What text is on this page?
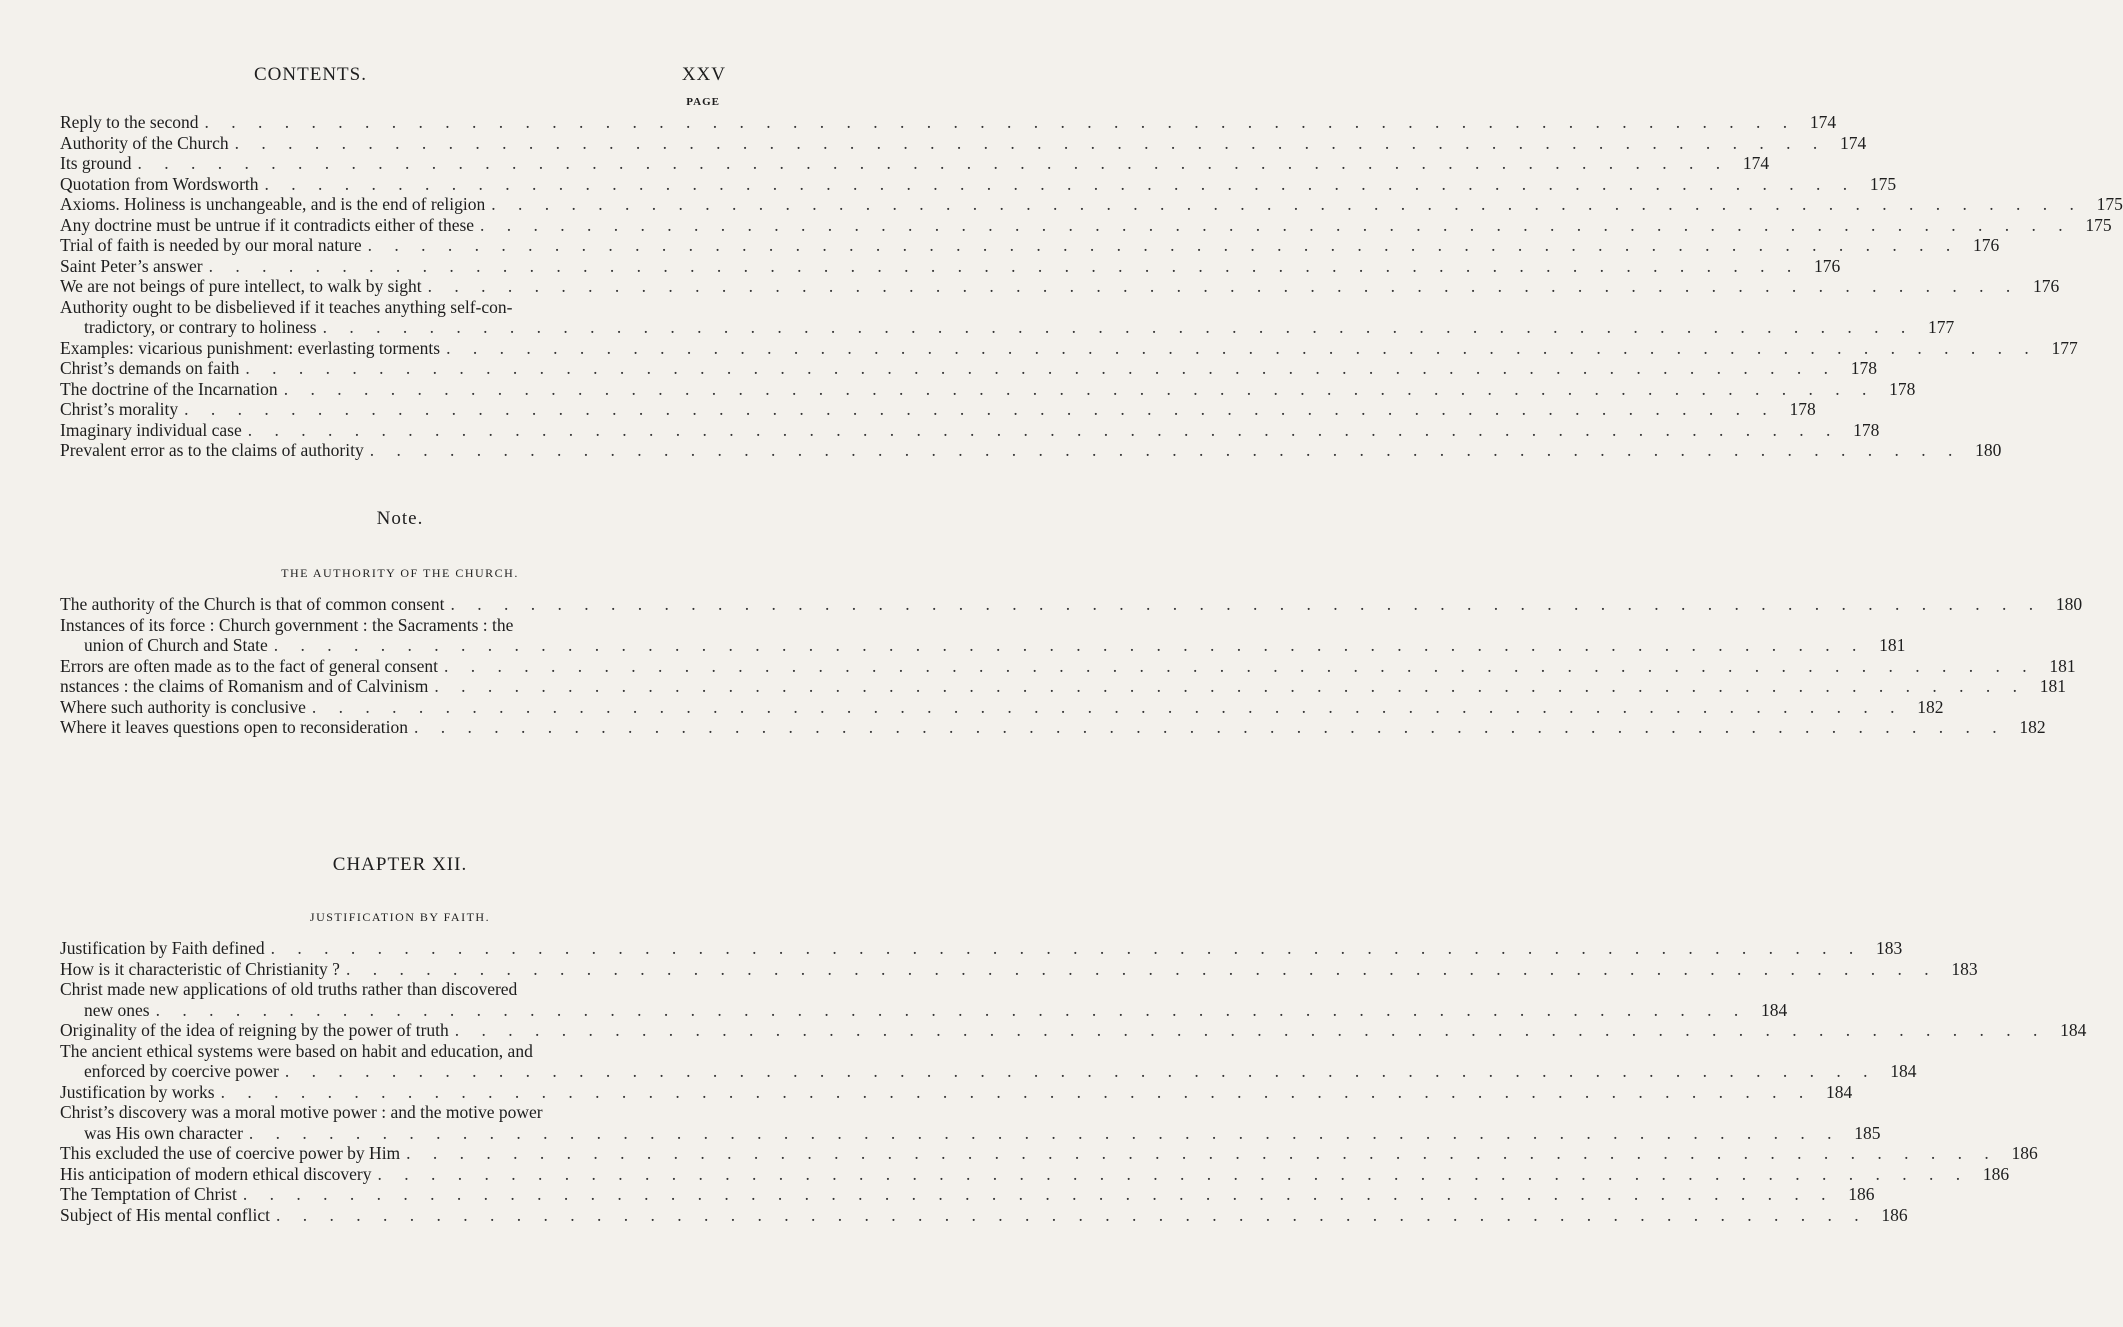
CONTENTS.	XXV
PAGE
Reply to the second . . . . . . . . . . . . . . . . . . . . . . . . . . . . . . . . . . . . . . . . . . . . . . . . . . . . . . . . . . . . 174
Authority of the Church . . . . . . . . . . . . . . . . . . . . . . . . . . . . . . . . . . . . . . . . . . . . . . . . . . . . . . . . . . . . 174
Its ground . . . . . . . . . . . . . . . . . . . . . . . . . . . . . . . . . . . . . . . . . . . . . . . . . . . . . . . . . . . . 174
Quotation from Wordsworth . . . . . . . . . . . . . . . . . . . . . . . . . . . . . . . . . . . . . . . . . . . . . . . . . . . . . . . . . . . . 175
Axioms. Holiness is unchangeable, and is the end of religion . . . . . . . . . . . . . . . . . . . . . . . . . . . . . . . . . . . . . . . . . . . . . . . . . . . . . . . . . . . . 175
Any doctrine must be untrue if it contradicts either of these . . . . . . . . . . . . . . . . . . . . . . . . . . . . . . . . . . . . . . . . . . . . . . . . . . . . . . . . . . . . 175
Trial of faith is needed by our moral nature . . . . . . . . . . . . . . . . . . . . . . . . . . . . . . . . . . . . . . . . . . . . . . . . . . . . . . . . . . . . 176
Saint Peter’s answer . . . . . . . . . . . . . . . . . . . . . . . . . . . . . . . . . . . . . . . . . . . . . . . . . . . . . . . . . . . . 176
We are not beings of pure intellect, to walk by sight . . . . . . . . . . . . . . . . . . . . . . . . . . . . . . . . . . . . . . . . . . . . . . . . . . . . . . . . . . . . 176
Authority ought to be disbelieved if it teaches anything self-con-
tradictory, or contrary to holiness . . . . . . . . . . . . . . . . . . . . . . . . . . . . . . . . . . . . . . . . . . . . . . . . . . . . . . . . . . . . 177
Examples: vicarious punishment: everlasting torments . . . . . . . . . . . . . . . . . . . . . . . . . . . . . . . . . . . . . . . . . . . . . . . . . . . . . . . . . . . . 177
Christ’s demands on faith . . . . . . . . . . . . . . . . . . . . . . . . . . . . . . . . . . . . . . . . . . . . . . . . . . . . . . . . . . . . 178
The doctrine of the Incarnation . . . . . . . . . . . . . . . . . . . . . . . . . . . . . . . . . . . . . . . . . . . . . . . . . . . . . . . . . . . . 178
Christ’s morality . . . . . . . . . . . . . . . . . . . . . . . . . . . . . . . . . . . . . . . . . . . . . . . . . . . . . . . . . . . . 178
Imaginary individual case . . . . . . . . . . . . . . . . . . . . . . . . . . . . . . . . . . . . . . . . . . . . . . . . . . . . . . . . . . . . 178
Prevalent error as to the claims of authority . . . . . . . . . . . . . . . . . . . . . . . . . . . . . . . . . . . . . . . . . . . . . . . . . . . . . . . . . . . . 180
Note.
THE AUTHORITY OF THE CHURCH.
The authority of the Church is that of common consent . . . . . . . . . . . . . . . . . . . . . . . . . . . . . . . . . . . . . . . . . . . . . . . . . . . . . . . . . . . . 180
Instances of its force : Church government : the Sacraments : the
union of Church and State . . . . . . . . . . . . . . . . . . . . . . . . . . . . . . . . . . . . . . . . . . . . . . . . . . . . . . . . . . . . 181
Errors are often made as to the fact of general consent . . . . . . . . . . . . . . . . . . . . . . . . . . . . . . . . . . . . . . . . . . . . . . . . . . . . . . . . . . . . 181
nstances : the claims of Romanism and of Calvinism . . . . . . . . . . . . . . . . . . . . . . . . . . . . . . . . . . . . . . . . . . . . . . . . . . . . . . . . . . . . 181
Where such authority is conclusive . . . . . . . . . . . . . . . . . . . . . . . . . . . . . . . . . . . . . . . . . . . . . . . . . . . . . . . . . . . . 182
Where it leaves questions open to reconsideration . . . . . . . . . . . . . . . . . . . . . . . . . . . . . . . . . . . . . . . . . . . . . . . . . . . . . . . . . . . . 182
CHAPTER XII.
JUSTIFICATION BY FAITH.
Justification by Faith defined . . . . . . . . . . . . . . . . . . . . . . . . . . . . . . . . . . . . . . . . . . . . . . . . . . . . . . . . . . . . 183
How is it characteristic of Christianity ? . . . . . . . . . . . . . . . . . . . . . . . . . . . . . . . . . . . . . . . . . . . . . . . . . . . . . . . . . . . . 183
Christ made new applications of old truths rather than discovered
new ones . . . . . . . . . . . . . . . . . . . . . . . . . . . . . . . . . . . . . . . . . . . . . . . . . . . . . . . . . . . . 184
Originality of the idea of reigning by the power of truth . . . . . . . . . . . . . . . . . . . . . . . . . . . . . . . . . . . . . . . . . . . . . . . . . . . . . . . . . . . . 184
The ancient ethical systems were based on habit and education, and
enforced by coercive power . . . . . . . . . . . . . . . . . . . . . . . . . . . . . . . . . . . . . . . . . . . . . . . . . . . . . . . . . . . . 184
Justification by works . . . . . . . . . . . . . . . . . . . . . . . . . . . . . . . . . . . . . . . . . . . . . . . . . . . . . . . . . . . . 184
Christ’s discovery was a moral motive power : and the motive power
was His own character . . . . . . . . . . . . . . . . . . . . . . . . . . . . . . . . . . . . . . . . . . . . . . . . . . . . . . . . . . . . 185
This excluded the use of coercive power by Him . . . . . . . . . . . . . . . . . . . . . . . . . . . . . . . . . . . . . . . . . . . . . . . . . . . . . . . . . . . . 186
His anticipation of modern ethical discovery . . . . . . . . . . . . . . . . . . . . . . . . . . . . . . . . . . . . . . . . . . . . . . . . . . . . . . . . . . . . 186
The Temptation of Christ . . . . . . . . . . . . . . . . . . . . . . . . . . . . . . . . . . . . . . . . . . . . . . . . . . . . . . . . . . . . 186
Subject of His mental conflict . . . . . . . . . . . . . . . . . . . . . . . . . . . . . . . . . . . . . . . . . . . . . . . . . . . . . . . . . . . . 186
